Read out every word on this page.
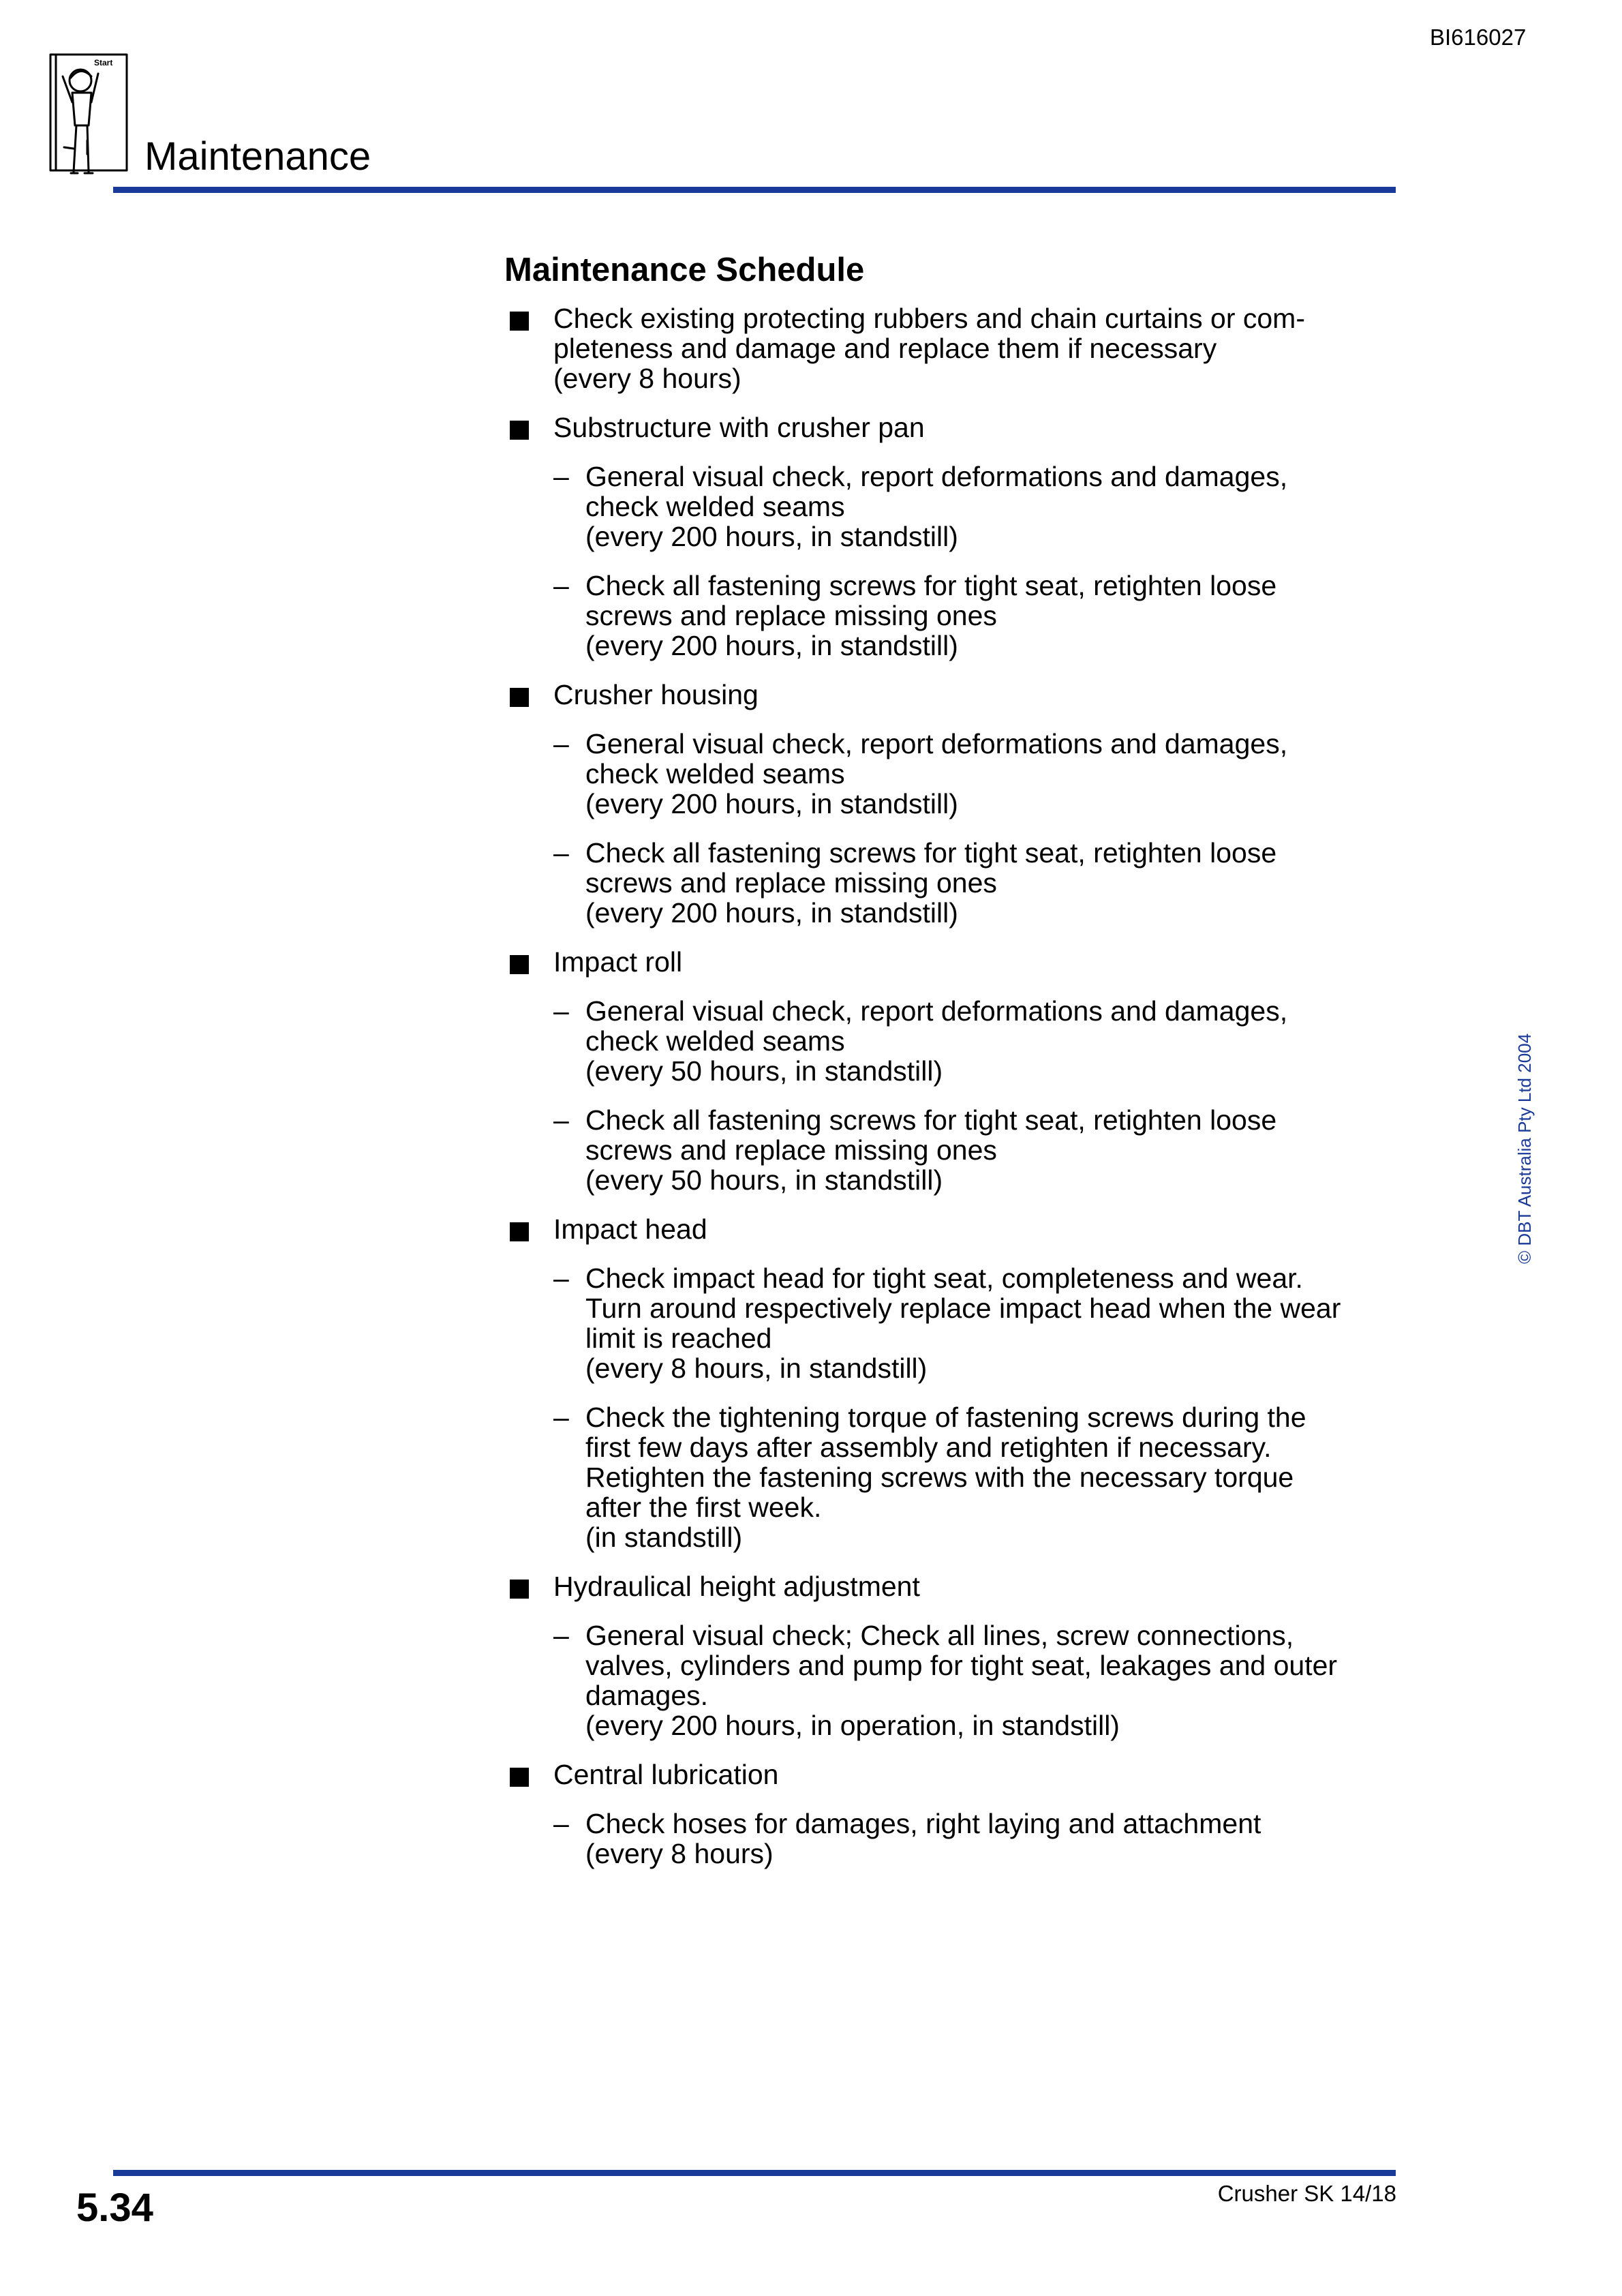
BI616027
Start
Maintenance
Maintenance Schedule
Check existing protecting rubbers and chain curtains or com-
pleteness and damage and replace them if necessary
(every 8 hours)
Substructure with crusher pan
– General visual check, report deformations and damages,
check welded seams
(every 200 hours, in standstill)
– Check all fastening screws for tight seat, retighten loose
screws and replace missing ones
(every 200 hours, in standstill)
Crusher housing
– General visual check, report deformations and damages,
check welded seams
(every 200 hours, in standstill)
– Check all fastening screws for tight seat, retighten loose
screws and replace missing ones
(every 200 hours, in standstill)
Impact roll
– General visual check, report deformations and damages,
check welded seams
(every 50 hours, in standstill)
– Check all fastening screws for tight seat, retighten loose
screws and replace missing ones
(every 50 hours, in standstill)
Impact head
– Check impact head for tight seat, completeness and wear.
Turn around respectively replace impact head when the wear
limit is reached
(every 8 hours, in standstill)
– Check the tightening torque of fastening screws during the
first few days after assembly and retighten if necessary.
Retighten the fastening screws with the necessary torque
after the first week.
(in standstill)
Hydraulical height adjustment
– General visual check; Check all lines, screw connections,
valves, cylinders and pump for tight seat, leakages and outer
damages.
(every 200 hours, in operation, in standstill)
Central lubrication
– Check hoses for damages, right laying and attachment
(every 8 hours)
© DBT Australia Pty Ltd 2004
5.34	Crusher SK 14/18
